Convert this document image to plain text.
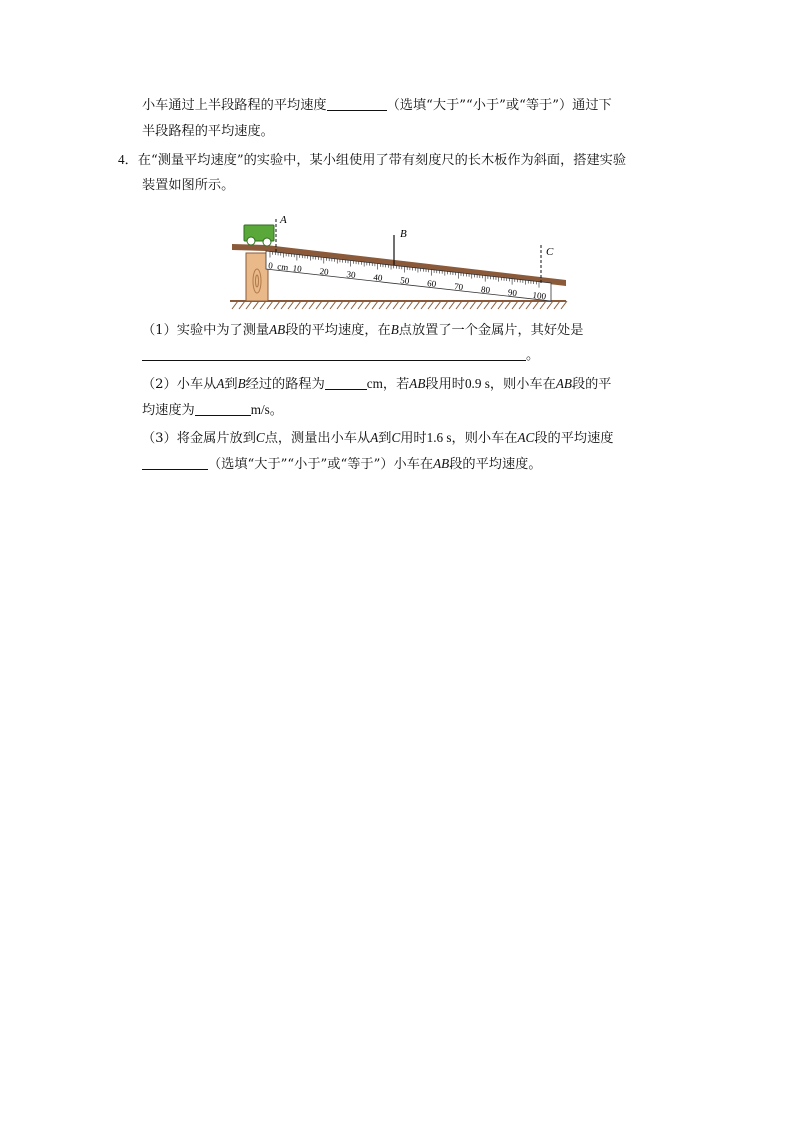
小车通过上半段路程的平均速度	（选填“大于”“小于”或“等于”）通过下
半段路程的平均速度。
4．在“测量平均速度”的实验中，某小组使用了带有刻度尺的长木板作为斜面，搭建实验
装置如图所示。
0 10 20 30 40 50 60 70 80 90 100
cm
A
B
C
（1）实验中为了测量AB段的平均速度，在B点放置了一个金属片，其好处是
。
（2）小车从A到B经过的路程为	cm，若AB段用时0.9 s，则小车在AB段的平
均速度为	m/s。
（3）将金属片放到C点，测量出小车从A到C用时1.6 s，则小车在AC段的平均速度
（选填“大于”“小于”或“等于”）小车在AB段的平均速度。
